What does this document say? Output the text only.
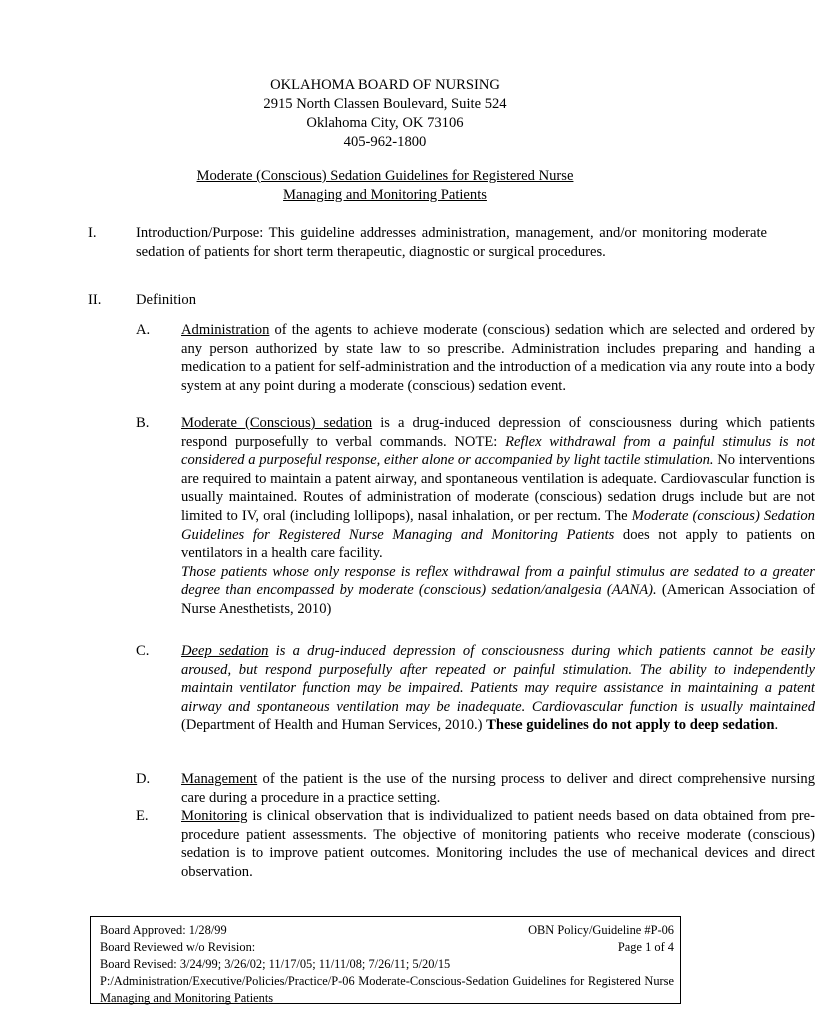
OKLAHOMA BOARD OF NURSING
2915 North Classen Boulevard, Suite 524
Oklahoma City, OK 73106
405-962-1800
Moderate (Conscious) Sedation Guidelines for Registered Nurse
Managing and Monitoring Patients
I.	Introduction/Purpose: This guideline addresses administration, management, and/or monitoring moderate sedation of patients for short term therapeutic, diagnostic or surgical procedures.
II. Definition
A. Administration of the agents to achieve moderate (conscious) sedation which are selected and ordered by any person authorized by state law to so prescribe. Administration includes preparing and handing a medication to a patient for self-administration and the introduction of a medication via any route into a body system at any point during a moderate (conscious) sedation event.
B. Moderate (Conscious) sedation is a drug-induced depression of consciousness during which patients respond purposefully to verbal commands. NOTE: Reflex withdrawal from a painful stimulus is not considered a purposeful response, either alone or accompanied by light tactile stimulation. No interventions are required to maintain a patent airway, and spontaneous ventilation is adequate. Cardiovascular function is usually maintained. Routes of administration of moderate (conscious) sedation drugs include but are not limited to IV, oral (including lollipops), nasal inhalation, or per rectum. The Moderate (conscious) Sedation Guidelines for Registered Nurse Managing and Monitoring Patients does not apply to patients on ventilators in a health care facility.
Those patients whose only response is reflex withdrawal from a painful stimulus are sedated to a greater degree than encompassed by moderate (conscious) sedation/analgesia (AANA). (American Association of Nurse Anesthetists, 2010)
C. Deep sedation is a drug-induced depression of consciousness during which patients cannot be easily aroused, but respond purposefully after repeated or painful stimulation. The ability to independently maintain ventilator function may be impaired. Patients may require assistance in maintaining a patent airway and spontaneous ventilation may be inadequate. Cardiovascular function is usually maintained (Department of Health and Human Services, 2010.) These guidelines do not apply to deep sedation.
D. Management of the patient is the use of the nursing process to deliver and direct comprehensive nursing care during a procedure in a practice setting.
E. Monitoring is clinical observation that is individualized to patient needs based on data obtained from pre-procedure patient assessments. The objective of monitoring patients who receive moderate (conscious) sedation is to improve patient outcomes. Monitoring includes the use of mechanical devices and direct observation.
Board Approved: 1/28/99	OBN Policy/Guideline #P-06
Board Reviewed w/o Revision:	Page 1 of 4
Board Revised: 3/24/99; 3/26/02; 11/17/05; 11/11/08; 7/26/11; 5/20/15
P:/Administration/Executive/Policies/Practice/P-06 Moderate-Conscious-Sedation Guidelines for Registered Nurse Managing and Monitoring Patients
